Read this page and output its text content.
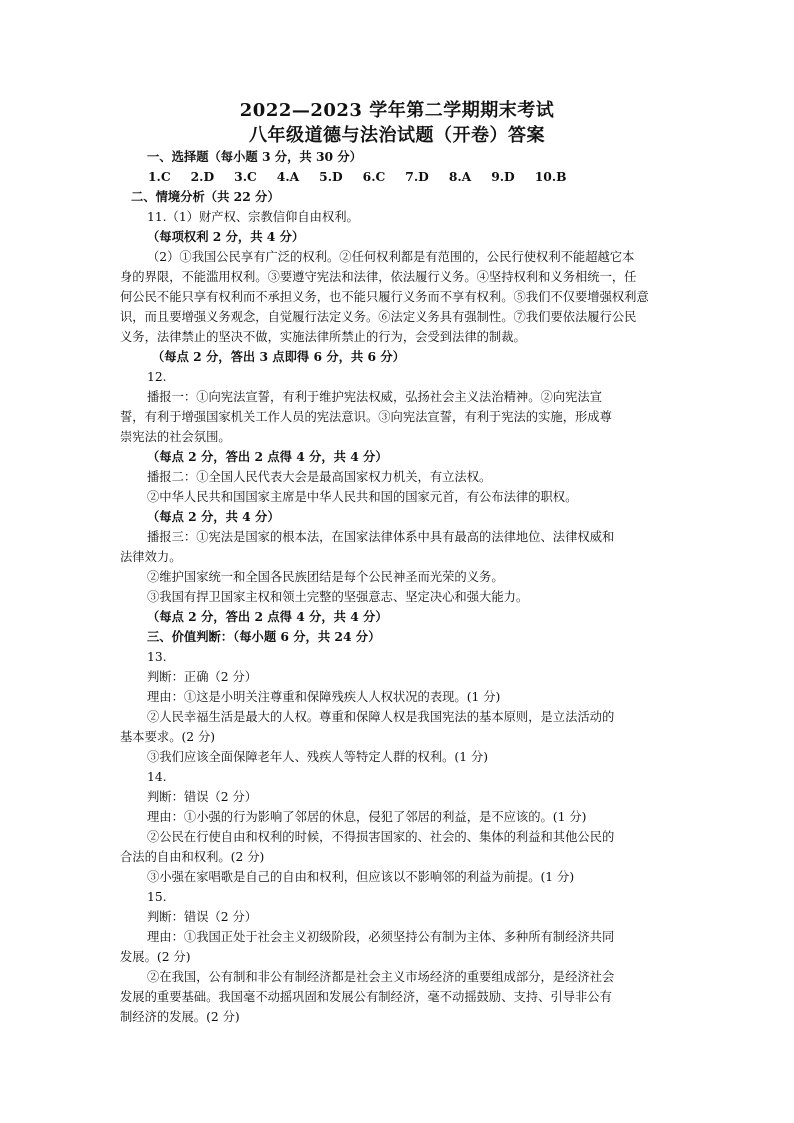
2022—2023 学年第二学期期末考试
八年级道德与法治试题（开卷）答案
一、选择题（每小题 3 分，共 30 分）
1.C 2.D 3.C 4.A 5.D 6.C 7.D 8.A 9.D 10.B
二、情境分析（共 22 分）
11.（1）财产权、宗教信仰自由权利。
（每项权利 2 分，共 4 分）
（2）①我国公民享有广泛的权利。②任何权利都是有范围的，公民行使权利不能超越它本
身的界限，不能滥用权利。③要遵守宪法和法律，依法履行义务。④坚持权利和义务相统一，任
何公民不能只享有权利而不承担义务，也不能只履行义务而不享有权利。⑤我们不仅要增强权利意
识，而且要增强义务观念，自觉履行法定义务。⑥法定义务具有强制性。⑦我们要依法履行公民
义务，法律禁止的坚决不做，实施法律所禁止的行为，会受到法律的制裁。
（每点 2 分，答出 3 点即得 6 分，共 6 分）
12.
播报一：①向宪法宣誓，有利于维护宪法权威，弘扬社会主义法治精神。②向宪法宣
誓，有利于增强国家机关工作人员的宪法意识。③向宪法宣誓，有利于宪法的实施，形成尊
崇宪法的社会氛围。
（每点 2 分，答出 2 点得 4 分，共 4 分）
播报二：①全国人民代表大会是最高国家权力机关，有立法权。
②中华人民共和国国家主席是中华人民共和国的国家元首，有公布法律的职权。
（每点 2 分，共 4 分）
播报三：①宪法是国家的根本法，在国家法律体系中具有最高的法律地位、法律权威和
法律效力。
②维护国家统一和全国各民族团结是每个公民神圣而光荣的义务。
③我国有捍卫国家主权和领土完整的坚强意志、坚定决心和强大能力。
（每点 2 分，答出 2 点得 4 分，共 4 分）
三、价值判断：（每小题 6 分，共 24 分）
13.
判断：正确（2 分）
理由：①这是小明关注尊重和保障残疾人人权状况的表现。(1 分)
②人民幸福生活是最大的人权。尊重和保障人权是我国宪法的基本原则，是立法活动的
基本要求。(2 分)
③我们应该全面保障老年人、残疾人等特定人群的权利。(1 分)
14.
判断：错误（2 分）
理由：①小强的行为影响了邻居的休息，侵犯了邻居的利益，是不应该的。(1 分)
②公民在行使自由和权利的时候，不得损害国家的、社会的、集体的利益和其他公民的
合法的自由和权利。(2 分)
③小强在家唱歌是自己的自由和权利，但应该以不影响邻的利益为前提。(1 分)
15.
判断：错误（2 分）
理由：①我国正处于社会主义初级阶段，必须坚持公有制为主体、多种所有制经济共同
发展。(2 分)
②在我国，公有制和非公有制经济都是社会主义市场经济的重要组成部分，是经济社会
发展的重要基础。我国毫不动摇巩固和发展公有制经济，毫不动摇鼓励、支持、引导非公有
制经济的发展。(2 分)
